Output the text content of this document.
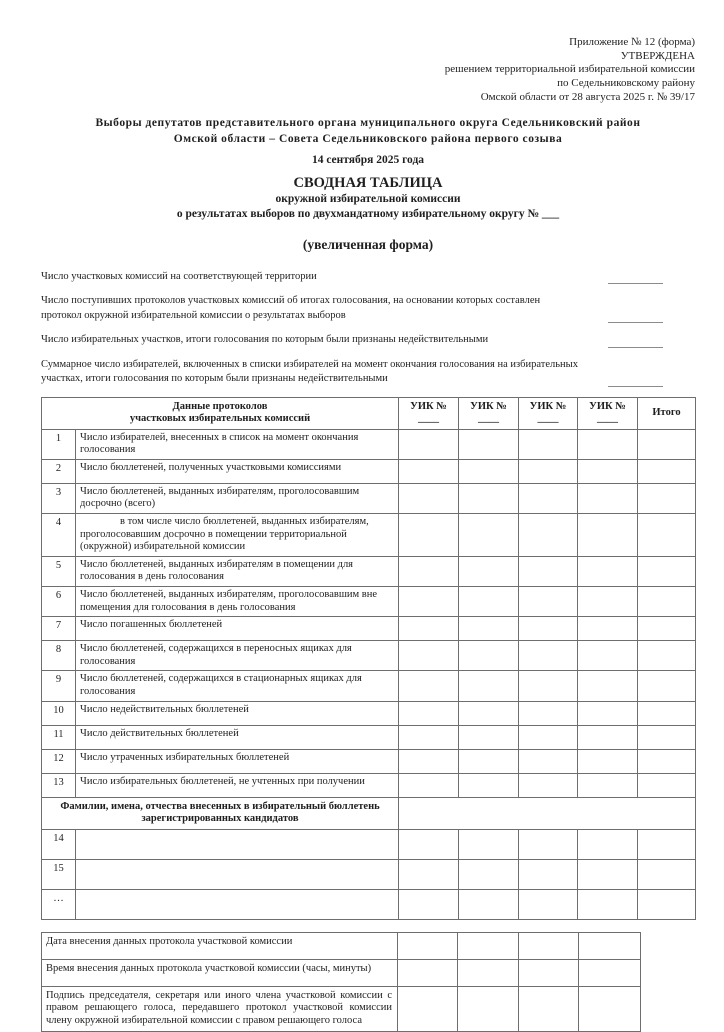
Приложение № 12 (форма)
УТВЕРЖДЕНА
решением территориальной избирательной комиссии
по Седельниковскому району
Омской области от 28 августа 2025 г. № 39/17
Выборы депутатов представительного органа муниципального округа Седельниковский район
Омской области – Совета Седельниковского района первого созыва
14 сентября 2025 года
СВОДНАЯ ТАБЛИЦА
окружной избирательной комиссии
о результатах выборов по двухмандатному избирательному округу № ___
(увеличенная форма)
Число участковых комиссий на соответствующей территории
Число поступивших протоколов участковых комиссий об итогах голосования, на основании которых составлен протокол окружной избирательной комиссии о результатах выборов
Число избирательных участков, итоги голосования по которым были признаны недействительными
Суммарное число избирателей, включенных в списки избирателей на момент окончания голосования на избирательных участках, итоги голосования по которым были признаны недействительными
Данные протоколов
участковых избирательных комиссий		УИК № ____	УИК № ____	УИК № ____	УИК № ____	Итого
1	Число избирателей, внесенных в список на момент окончания голосования					
2	Число бюллетеней, полученных участковыми комиссиями					
3	Число бюллетеней, выданных избирателям, проголосовавшим досрочно (всего)					
4	в том числе число бюллетеней, выданных избирателям, проголосовавшим досрочно в помещении территориальной (окружной) избирательной комиссии					
5	Число бюллетеней, выданных избирателям в помещении для голосования в день голосования					
6	Число бюллетеней, выданных избирателям, проголосовавшим вне помещения для голосования в день голосования					
7	Число погашенных бюллетеней					
8	Число бюллетеней, содержащихся в переносных ящиках для голосования					
9	Число бюллетеней, содержащихся в стационарных ящиках для голосования					
10	Число недействительных бюллетеней					
11	Число действительных бюллетеней					
12	Число утраченных избирательных бюллетеней					
13	Число избирательных бюллетеней, не учтенных при получении					

Фамилии, имена, отчества внесенных в избирательный бюллетень
зарегистрированных кандидатов						

14						
15						
…						
Дата внесения данных протокола участковой комиссии				
Время внесения данных протокола участковой комиссии (часы, минуты)				
Подпись председателя, секретаря или иного члена участковой комиссии с правом решающего голоса, передавшего протокол участковой комиссии члену окружной избирательной комиссии с правом решающего голоса				
